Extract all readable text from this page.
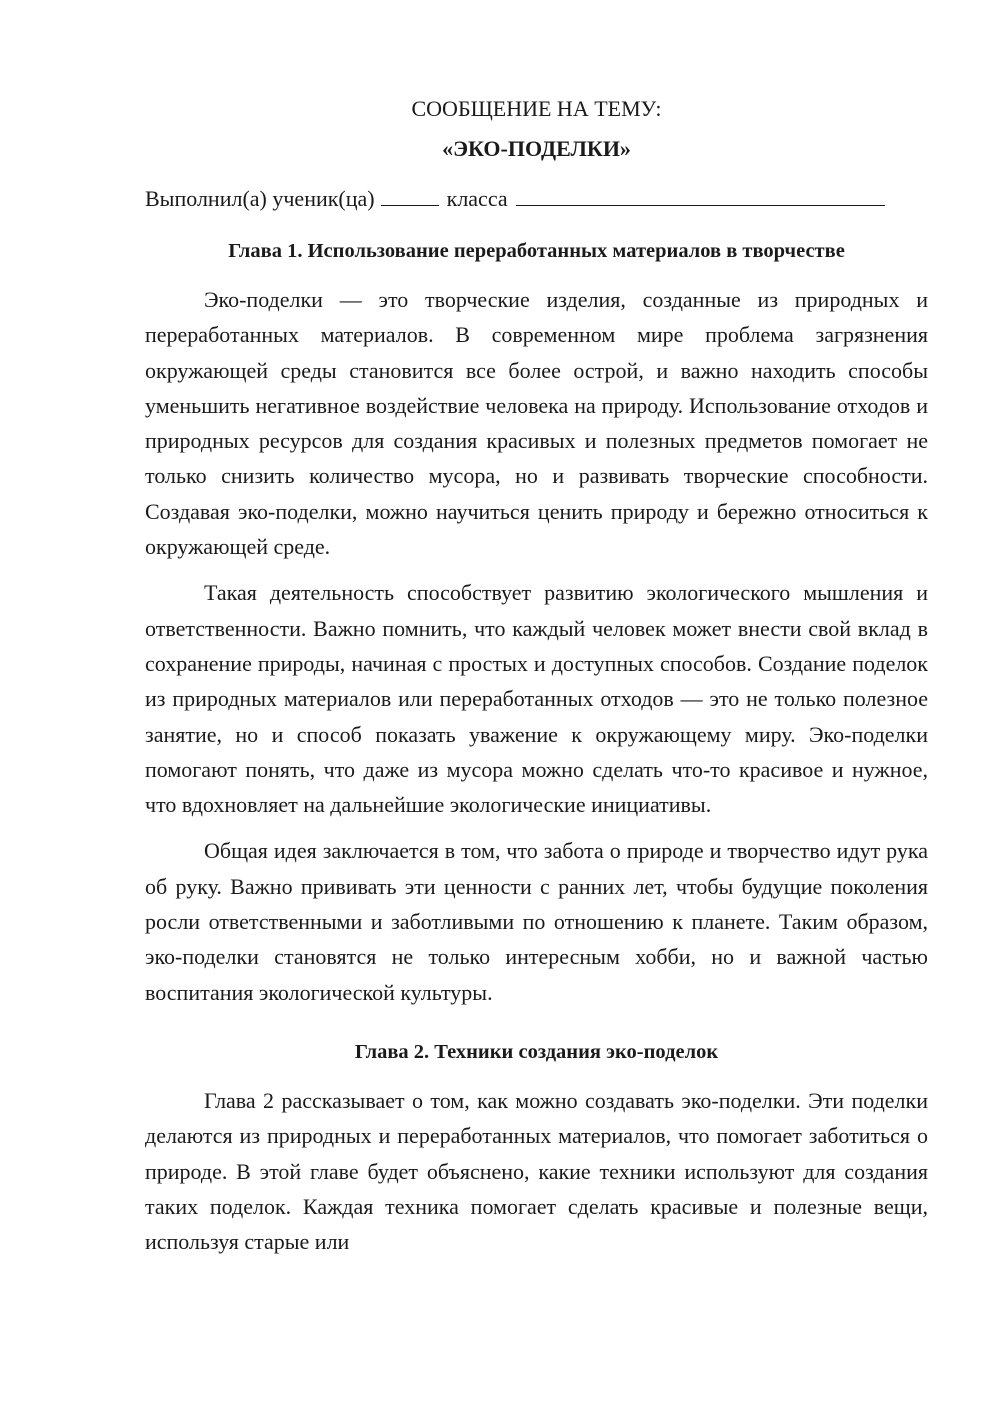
СООБЩЕНИЕ НА ТЕМУ:

«ЭКО-ПОДЕЛКИ»

Выполнил(а) ученик(ца)	класса

Глава 1. Использование переработанных материалов в творчестве

Эко-поделки — это творческие изделия, созданные из природных и переработанных материалов. В современном мире проблема загрязнения окружающей среды становится все более острой, и важно находить способы уменьшить негативное воздействие человека на природу. Использование отходов и природных ресурсов для создания красивых и полезных предметов помогает не только снизить количество мусора, но и развивать творческие способности. Создавая эко-поделки, можно научиться ценить природу и бережно относиться к окружающей среде.

Такая деятельность способствует развитию экологического мышления и ответственности. Важно помнить, что каждый человек может внести свой вклад в сохранение природы, начиная с простых и доступных способов. Создание поделок из природных материалов или переработанных отходов — это не только полезное занятие, но и способ показать уважение к окружающему миру. Эко-поделки помогают понять, что даже из мусора можно сделать что-то красивое и нужное, что вдохновляет на дальнейшие экологические инициативы.

Общая идея заключается в том, что забота о природе и творчество идут рука об руку. Важно прививать эти ценности с ранних лет, чтобы будущие поколения росли ответственными и заботливыми по отношению к планете. Таким образом, эко-поделки становятся не только интересным хобби, но и важной частью воспитания экологической культуры.

Глава 2. Техники создания эко-поделок

Глава 2 рассказывает о том, как можно создавать эко-поделки. Эти поделки делаются из природных и переработанных материалов, что помогает заботиться о природе. В этой главе будет объяснено, какие техники используют для создания таких поделок. Каждая техника помогает сделать красивые и полезные вещи, используя старые или
